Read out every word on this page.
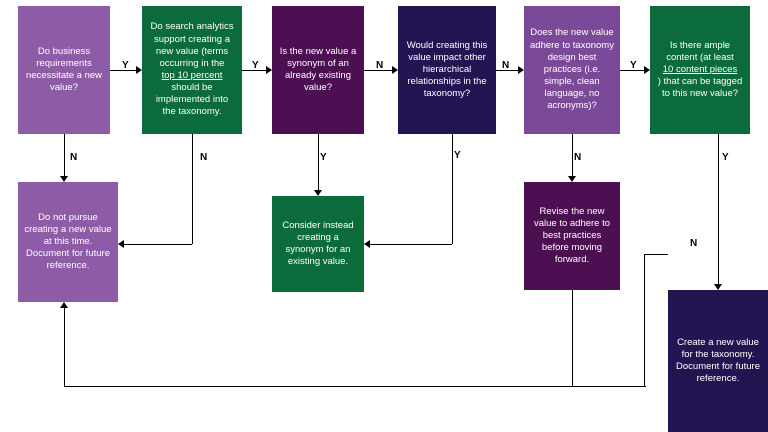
Do business requirements necessitate a new value?
Do search analytics support creating a new value (terms occurring in the
top 10 percent
should be implemented into the taxonomy.
Is the new value a synonym of an already existing value?
Would creating this value impact other hierarchical relationships in the taxonomy?
Does the new value adhere to taxonomy design best practices (i.e. simple, clean language, no acronyms)?
Is there ample content (at least
10 content pieces
) that can be tagged to this new value?
Do not pursue creating a new value at this time. Document for future reference.
Consider instead creating a synonym for an existing value.
Revise the new value to adhere to best practices before moving forward.
Create a new value for the taxonomy. Document for future reference.
Y	Y	N	N	Y
N	N	Y	Y	N	Y
N
